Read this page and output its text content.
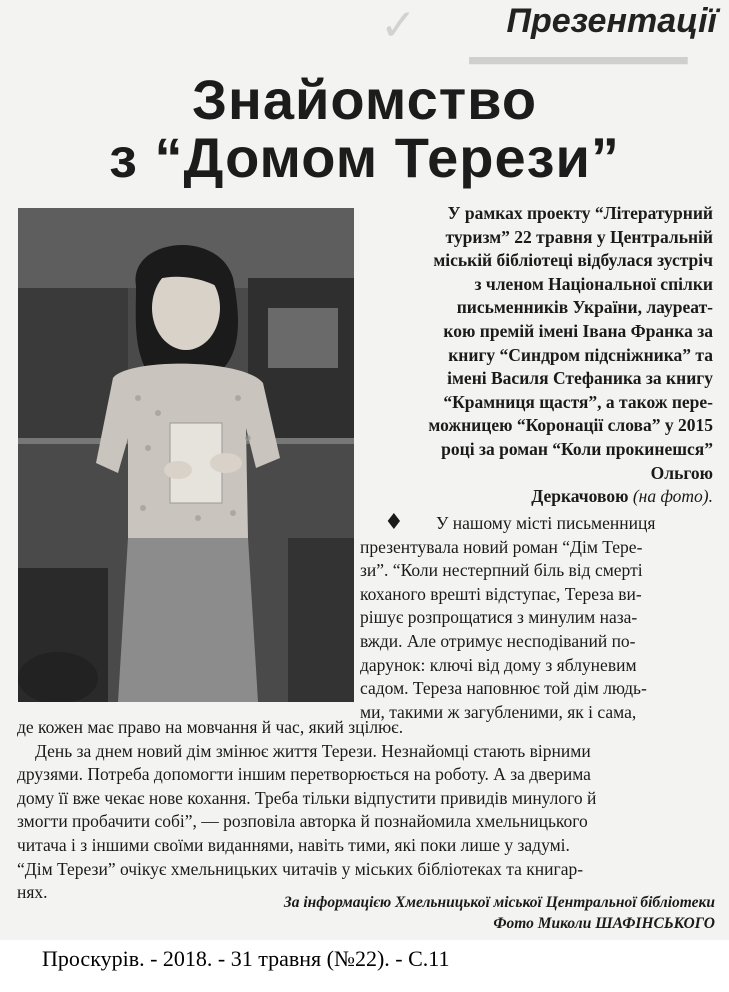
✓
━━━━━━━━━━
Презентації
Знайомство
з “Домом Терези”

У рамках проекту “Літературний

туризм” 22 травня у Центральній

міській бібліотеці відбулася зустріч

з членом Національної спілки

письменників України, лауреат-

кою премій імені Івана Франка за

книгу “Синдром підсніжника” та

імені Василя Стефаника за книгу

“Крамниця щастя”, а також пере-

можницею “Коронації слова” у 2015

році за роман “Коли прокинешся”

Ольгою

Деркачовою (на фото).

♦	У нашому місті письменниця

презентувала новий роман “Дім Тере-

зи”. “Коли нестерпний біль від смерті

коханого врешті відступає, Тереза ви-

рішує розпрощатися з минулим наза-

вжди. Але отримує несподіваний по-

дарунок: ключі від дому з яблуневим

садом. Тереза наповнює той дім людь-

ми, такими ж загубленими, як і сама,

де кожен має право на мовчання й час, який зцілює.

День за днем новий дім змінює життя Терези. Незнайомці стають вірними

друзями. Потреба допомогти іншим перетворюється на роботу. А за дверима

дому її вже чекає нове кохання. Треба тільки відпустити привидів минулого й

змогти пробачити собі”, — розповіла авторка й познайомила хмельницького

читача і з іншими своїми виданнями, навіть тими, які поки лише у задумі.

“Дім Терези” очікує хмельницьких читачів у міських бібліотеках та книгар-

нях.

За інформацією Хмельницької міської Центральної бібліотеки

Фото Миколи ШАФІНСЬКОГО

Проскурів. - 2018. - 31 травня (№22). - С.11
